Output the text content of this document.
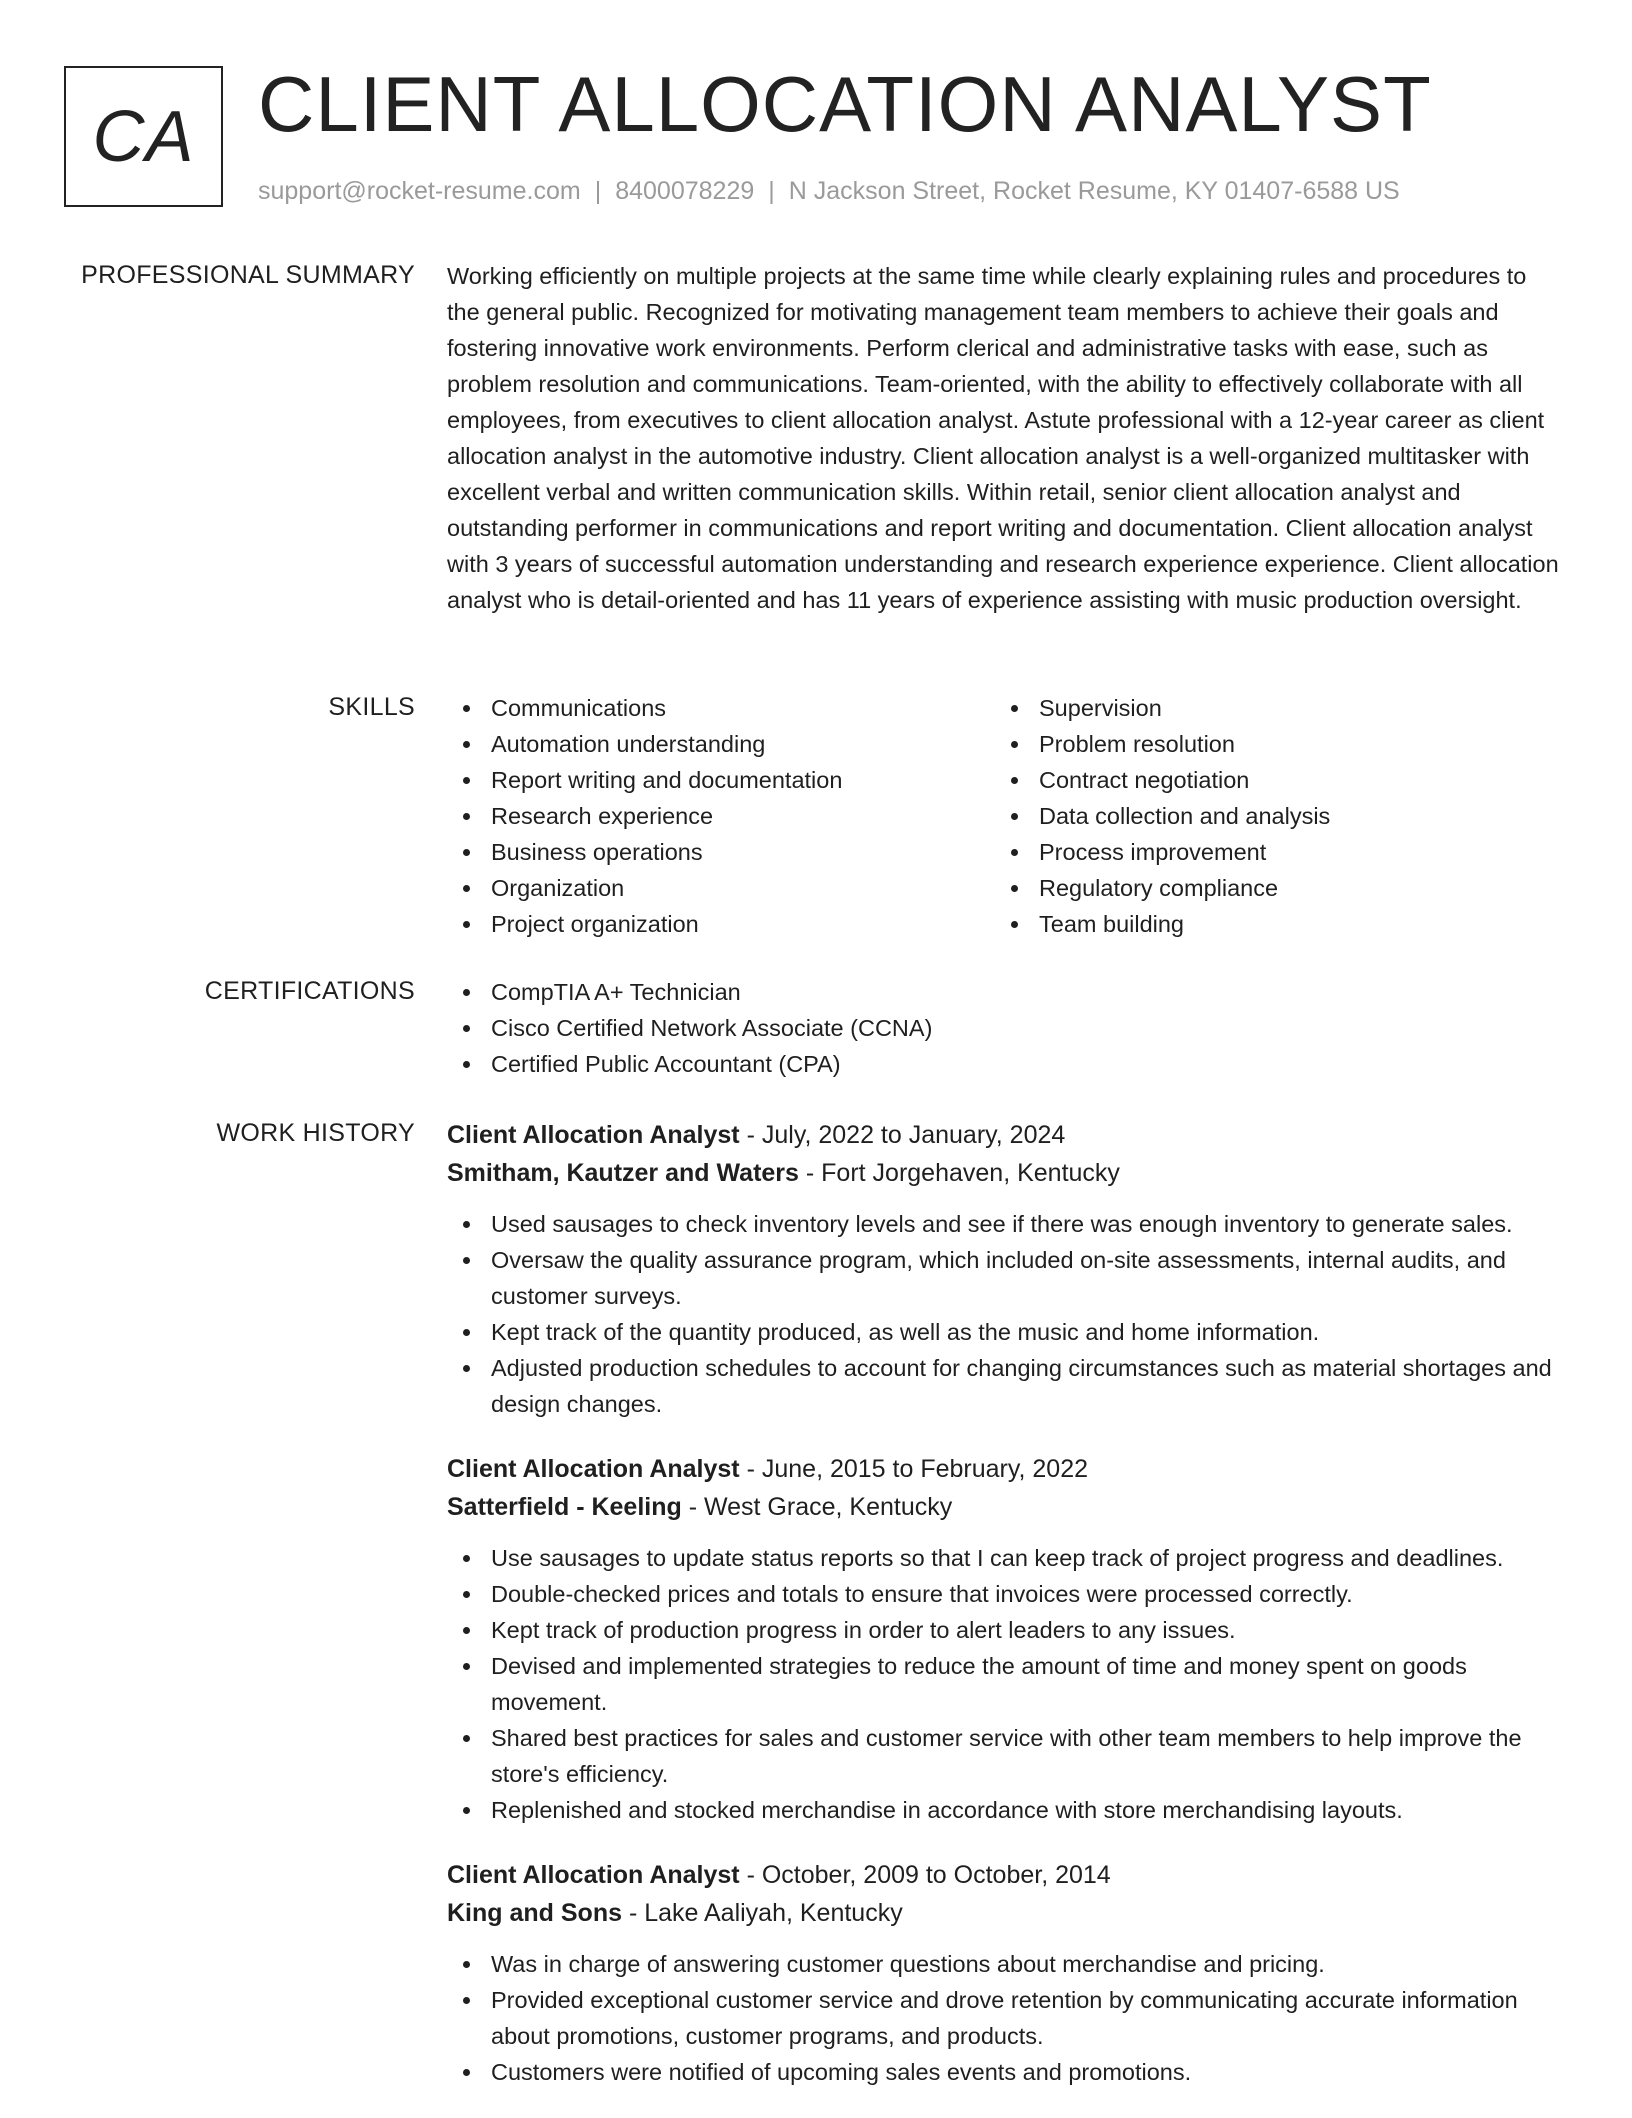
CA CLIENT ALLOCATION ANALYST
support@rocket-resume.com | 8400078229 | N Jackson Street, Rocket Resume, KY 01407-6588 US
PROFESSIONAL SUMMARY Working efficiently on multiple projects at the same time while clearly explaining rules and procedures to the general public. Recognized for motivating management team members to achieve their goals and fostering innovative work environments. Perform clerical and administrative tasks with ease, such as problem resolution and communications. Team-oriented, with the ability to effectively collaborate with all employees, from executives to client allocation analyst. Astute professional with a 12-year career as client allocation analyst in the automotive industry. Client allocation analyst is a well-organized multitasker with excellent verbal and written communication skills. Within retail, senior client allocation analyst and outstanding performer in communications and report writing and documentation. Client allocation analyst with 3 years of successful automation understanding and research experience experience. Client allocation analyst who is detail-oriented and has 11 years of experience assisting with music production oversight.

SKILLS	Communications
Automation understanding
Report writing and documentation
Research experience
Business operations
Organization
Project organization
Supervision
Problem resolution
Contract negotiation
Data collection and analysis
Process improvement
Regulatory compliance
Team building
CERTIFICATIONS	CompTIA A+ Technician
Cisco Certified Network Associate (CCNA)
Certified Public Accountant (CPA)
WORK HISTORY Client Allocation Analyst - July, 2022 to January, 2024
Smitham, Kautzer and Waters - Fort Jorgehaven, Kentucky
Used sausages to check inventory levels and see if there was enough inventory to generate sales.
Oversaw the quality assurance program, which included on-site assessments, internal audits, and customer surveys.
Kept track of the quantity produced, as well as the music and home information.
Adjusted production schedules to account for changing circumstances such as material shortages and design changes.
Client Allocation Analyst - June, 2015 to February, 2022
Satterfield - Keeling - West Grace, Kentucky
Use sausages to update status reports so that I can keep track of project progress and deadlines.
Double-checked prices and totals to ensure that invoices were processed correctly.
Kept track of production progress in order to alert leaders to any issues.
Devised and implemented strategies to reduce the amount of time and money spent on goods movement.
Shared best practices for sales and customer service with other team members to help improve the store's efficiency.
Replenished and stocked merchandise in accordance with store merchandising layouts.
Client Allocation Analyst - October, 2009 to October, 2014
King and Sons - Lake Aaliyah, Kentucky
Was in charge of answering customer questions about merchandise and pricing.
Provided exceptional customer service and drove retention by communicating accurate information about promotions, customer programs, and products.
Customers were notified of upcoming sales events and promotions.
